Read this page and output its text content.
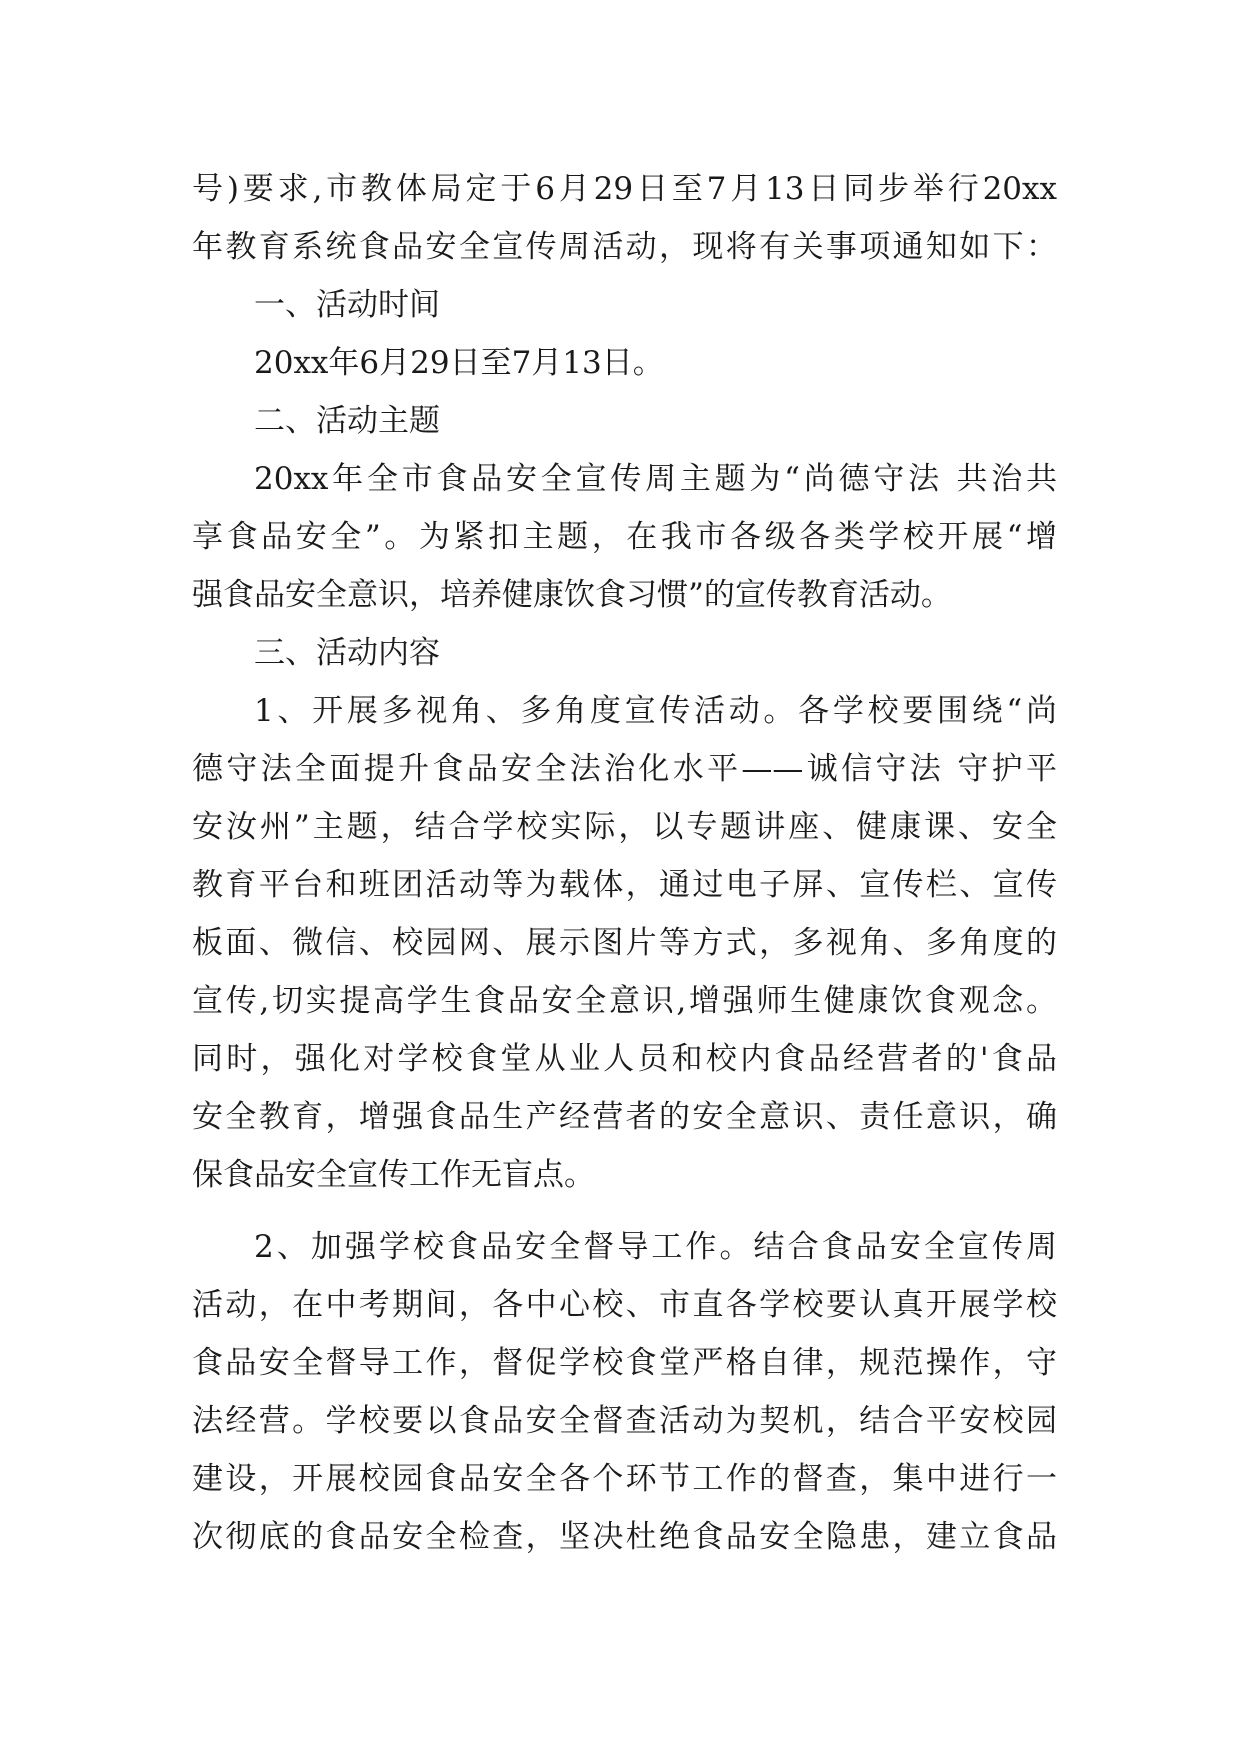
号)要求,市教体局定于6月29日至7月13日同步举行20xx
年教育系统食品安全宣传周活动，现将有关事项通知如下：
一、活动时间
20xx年6月29日至7月13日。
二、活动主题
20xx年全市食品安全宣传周主题为“尚德守法 共治共
享食品安全”。为紧扣主题，在我市各级各类学校开展“增
强食品安全意识，培养健康饮食习惯”的宣传教育活动。
三、活动内容
1、开展多视角、多角度宣传活动。各学校要围绕“尚
德守法全面提升食品安全法治化水平——诚信守法 守护平
安汝州”主题，结合学校实际，以专题讲座、健康课、安全
教育平台和班团活动等为载体，通过电子屏、宣传栏、宣传
板面、微信、校园网、展示图片等方式，多视角、多角度的
宣传,切实提高学生食品安全意识,增强师生健康饮食观念。
同时，强化对学校食堂从业人员和校内食品经营者的'食品
安全教育，增强食品生产经营者的安全意识、责任意识，确
保食品安全宣传工作无盲点。
2、加强学校食品安全督导工作。结合食品安全宣传周
活动，在中考期间，各中心校、市直各学校要认真开展学校
食品安全督导工作，督促学校食堂严格自律，规范操作，守
法经营。学校要以食品安全督查活动为契机，结合平安校园
建设，开展校园食品安全各个环节工作的督查，集中进行一
次彻底的食品安全检查，坚决杜绝食品安全隐患，建立食品
